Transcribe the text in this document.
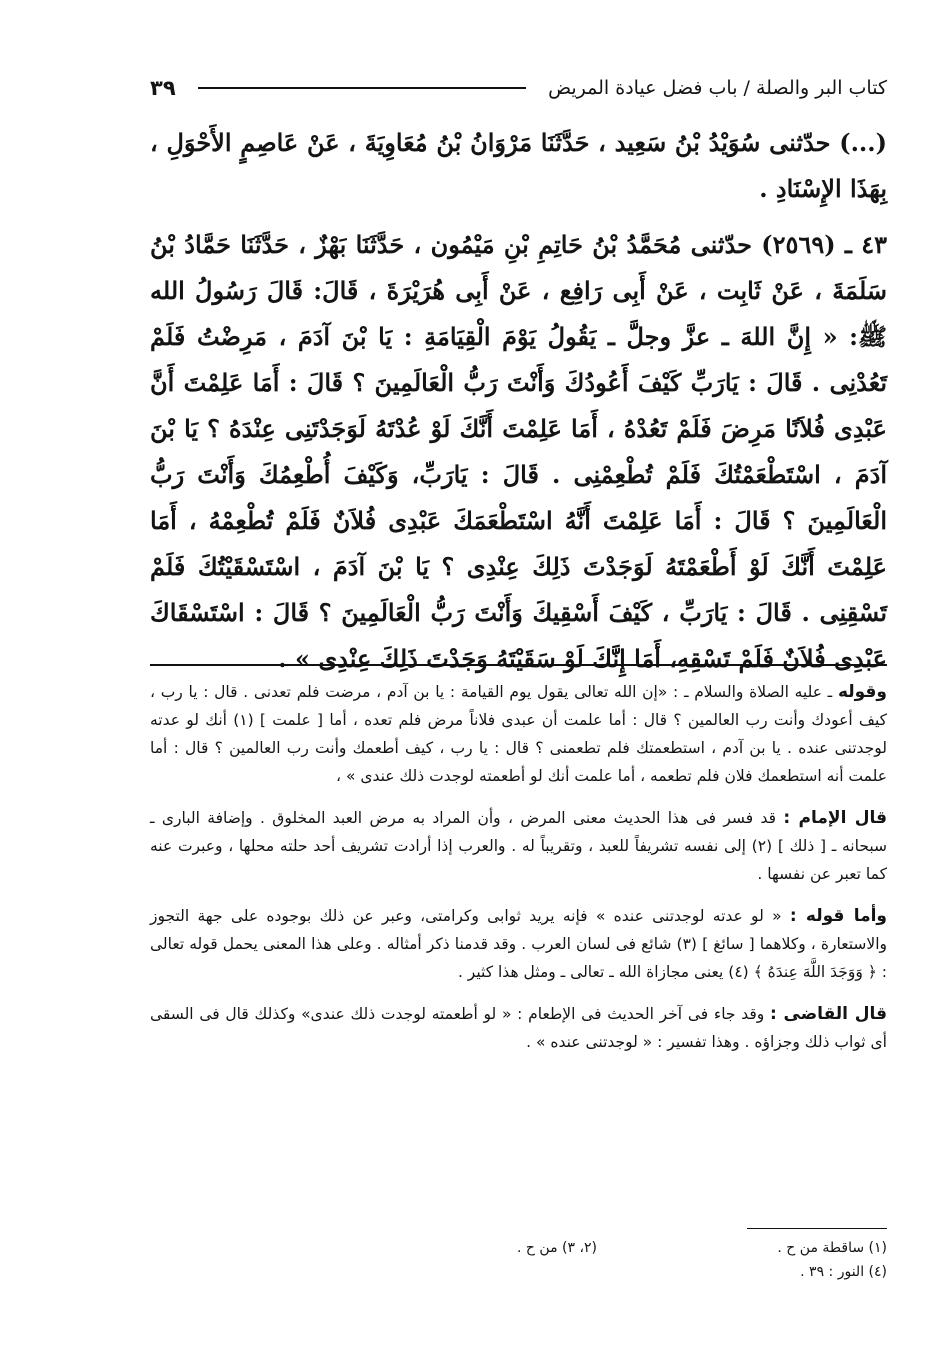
كتاب البر والصلة / باب فضل عيادة المريض
٣٩

(...) حدّثنى سُوَيْدُ بْنُ سَعِيد ، حَدَّثَنَا مَرْوَانُ بْنُ مُعَاوِيَةَ ، عَنْ عَاصِمٍ الأَحْوَلِ ، بِهَذَا الإِسْنَادِ .

٤٣ ـ (٢٥٦٩) حدّثنى مُحَمَّدُ بْنُ حَاتِمِ بْنِ مَيْمُون ، حَدَّثَنَا بَهْزٌ ، حَدَّثَنَا حَمَّادُ بْنُ سَلَمَةَ ، عَنْ ثَابِت ، عَنْ أَبِى رَافِع ، عَنْ أَبِى هُرَيْرَةَ ، قَالَ: قَالَ رَسُولُ الله ﷺ: « إِنَّ اللهَ ـ عزَّ وجلَّ ـ يَقُولُ يَوْمَ الْقِيَامَةِ : يَا بْنَ آدَمَ ، مَرِضْتُ فَلَمْ تَعُدْنِى . قَالَ : يَارَبِّ كَيْفَ أَعُودُكَ وَأَنْتَ رَبُّ الْعَالَمِينَ ؟ قَالَ : أَمَا عَلِمْتَ أَنَّ عَبْدِى فُلاَنًا مَرِضَ فَلَمْ تَعُدْهُ ، أَمَا عَلِمْتَ أَنَّكَ لَوْ عُدْتَهُ لَوَجَدْتَنِى عِنْدَهُ ؟ يَا بْنَ آدَمَ ، اسْتَطْعَمْتُكَ فَلَمْ تُطْعِمْنِى . قَالَ : يَارَبِّ، وَكَيْفَ أُطْعِمُكَ وَأَنْتَ رَبُّ الْعَالَمِينَ ؟ قَالَ : أَمَا عَلِمْتَ أَنَّهُ اسْتَطْعَمَكَ عَبْدِى فُلاَنٌ فَلَمْ تُطْعِمْهُ ، أَمَا عَلِمْتَ أَنَّكَ لَوْ أَطْعَمْتَهُ لَوَجَدْتَ ذَلِكَ عِنْدِى ؟ يَا بْنَ آدَمَ ، اسْتَسْقَيْتُكَ فَلَمْ تَسْقِنِى . قَالَ : يَارَبِّ ، كَيْفَ أَسْقِيكَ وَأَنْتَ رَبُّ الْعَالَمِينَ ؟ قَالَ : اسْتَسْقَاكَ عَبْدِى فُلاَنٌ فَلَمْ تَسْقِهِ، أَمَا إِنَّكَ لَوْ سَقَيْتَهُ وَجَدْتَ ذَلِكَ عِنْدِى » .

وقوله ـ عليه الصلاة والسلام ـ : «إن الله تعالى يقول يوم القيامة : يا بن آدم ، مرضت فلم تعدنى . قال : يا رب ، كيف أعودك وأنت رب العالمين ؟ قال : أما علمت أن عبدى فلاناً مرض فلم تعده ، أما [ علمت ] (١) أنك لو عدته لوجدتنى عنده . يا بن آدم ، استطعمتك فلم تطعمنى ؟ قال : يا رب ، كيف أطعمك وأنت رب العالمين ؟ قال : أما علمت أنه استطعمك فلان فلم تطعمه ، أما علمت أنك لو أطعمته لوجدت ذلك عندى » ،

قال الإمام : قد فسر فى هذا الحديث معنى المرض ، وأن المراد به مرض العبد المخلوق . وإضافة البارى ـ سبحانه ـ [ ذلك ] (٢) إلى نفسه تشريفاً للعبد ، وتقريباً له . والعرب إذا أرادت تشريف أحد حلته محلها ، وعبرت عنه كما تعبر عن نفسها .

وأما قوله : « لو عدته لوجدتنى عنده » فإنه يريد ثوابى وكرامتى، وعبر عن ذلك بوجوده على جهة التجوز والاستعارة ، وكلاهما [ سائغ ] (٣) شائع فى لسان العرب . وقد قدمنا ذكر أمثاله . وعلى هذا المعنى يحمل قوله تعالى : ﴿ وَوَجَدَ اللَّهَ عِندَهُ ﴾ (٤) يعنى مجازاة الله ـ تعالى ـ ومثل هذا كثير .

قال القاضى : وقد جاء فى آخر الحديث فى الإطعام : « لو أطعمته لوجدت ذلك عندى» وكذلك قال فى السقى أى ثواب ذلك وجزاؤه . وهذا تفسير : « لوجدتنى عنده » .

(١) ساقطة من ح .
(٢، ٣) من ح .
(٤) النور : ٣٩ .
